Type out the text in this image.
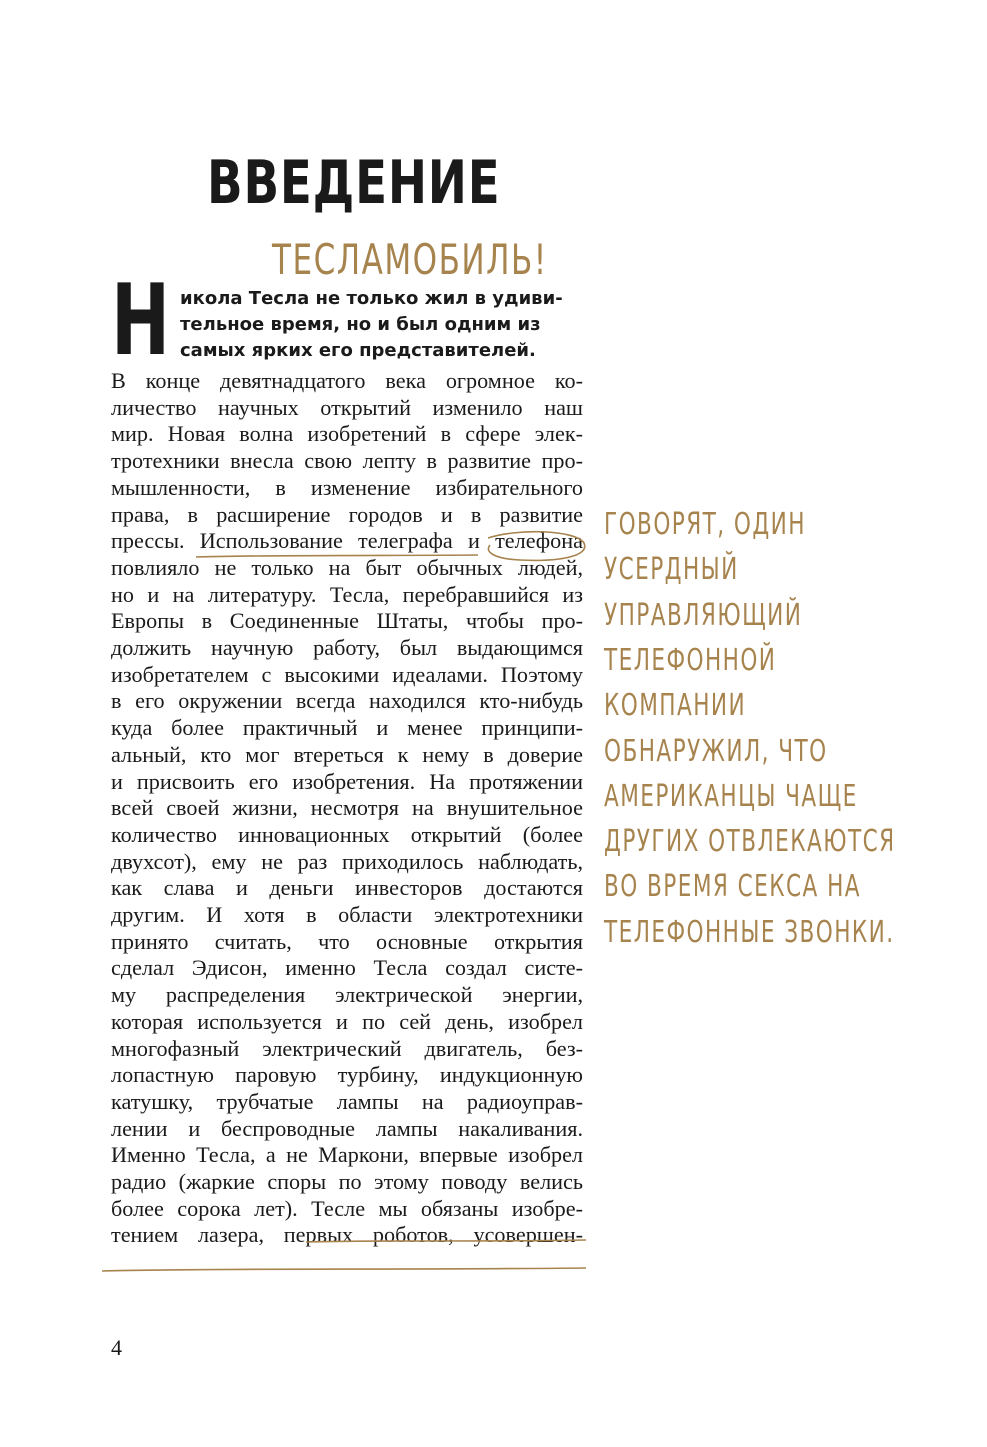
ВВЕДЕНИЕ
ТЕСЛАМОБИЛЬ!
Н икола Тесла не только жил в удиви-
тельное время, но и был одним из
самых ярких его представителей.
В конце девятнадцатого века огромное ко-
личество научных открытий изменило наш
мир. Новая волна изобретений в сфере элек-
тротехники внесла свою лепту в развитие про-
мышленности, в изменение избирательного
права, в расширение городов и в развитие
прессы. Использование телеграфа и телефона
повлияло не только на быт обычных людей,
но и на литературу. Тесла, перебравшийся из
Европы в Соединенные Штаты, чтобы про-
должить научную работу, был выдающимся
изобретателем с высокими идеалами. Поэтому
в его окружении всегда находился кто-нибудь
куда более практичный и менее принципи-
альный, кто мог втереться к нему в доверие
и присвоить его изобретения. На протяжении
всей своей жизни, несмотря на внушительное
количество инновационных открытий (более
двухсот), ему не раз приходилось наблюдать,
как слава и деньги инвесторов достаются
другим. И хотя в области электротехники
принято считать, что основные открытия
сделал Эдисон, именно Тесла создал систе-
му распределения электрической энергии,
которая используется и по сей день, изобрел
многофазный электрический двигатель, без-
лопастную паровую турбину, индукционную
катушку, трубчатые лампы на радиоуправ-
лении и беспроводные лампы накаливания.
Именно Тесла, а не Маркони, впервые изобрел
радио (жаркие споры по этому поводу велись
более сорока лет). Тесле мы обязаны изобре-
тением лазера, первых роботов, усовершен-
ГОВОРЯТ, ОДИН
УСЕРДНЫЙ
УПРАВЛЯЮЩИЙ
ТЕЛЕФОННОЙ
КОМПАНИИ
ОБНАРУЖИЛ, ЧТО
АМЕРИКАНЦЫ ЧАЩЕ
ДРУГИХ ОТВЛЕКАЮТСЯ
ВО ВРЕМЯ СЕКСА НА
ТЕЛЕФОННЫЕ ЗВОНКИ.
4
